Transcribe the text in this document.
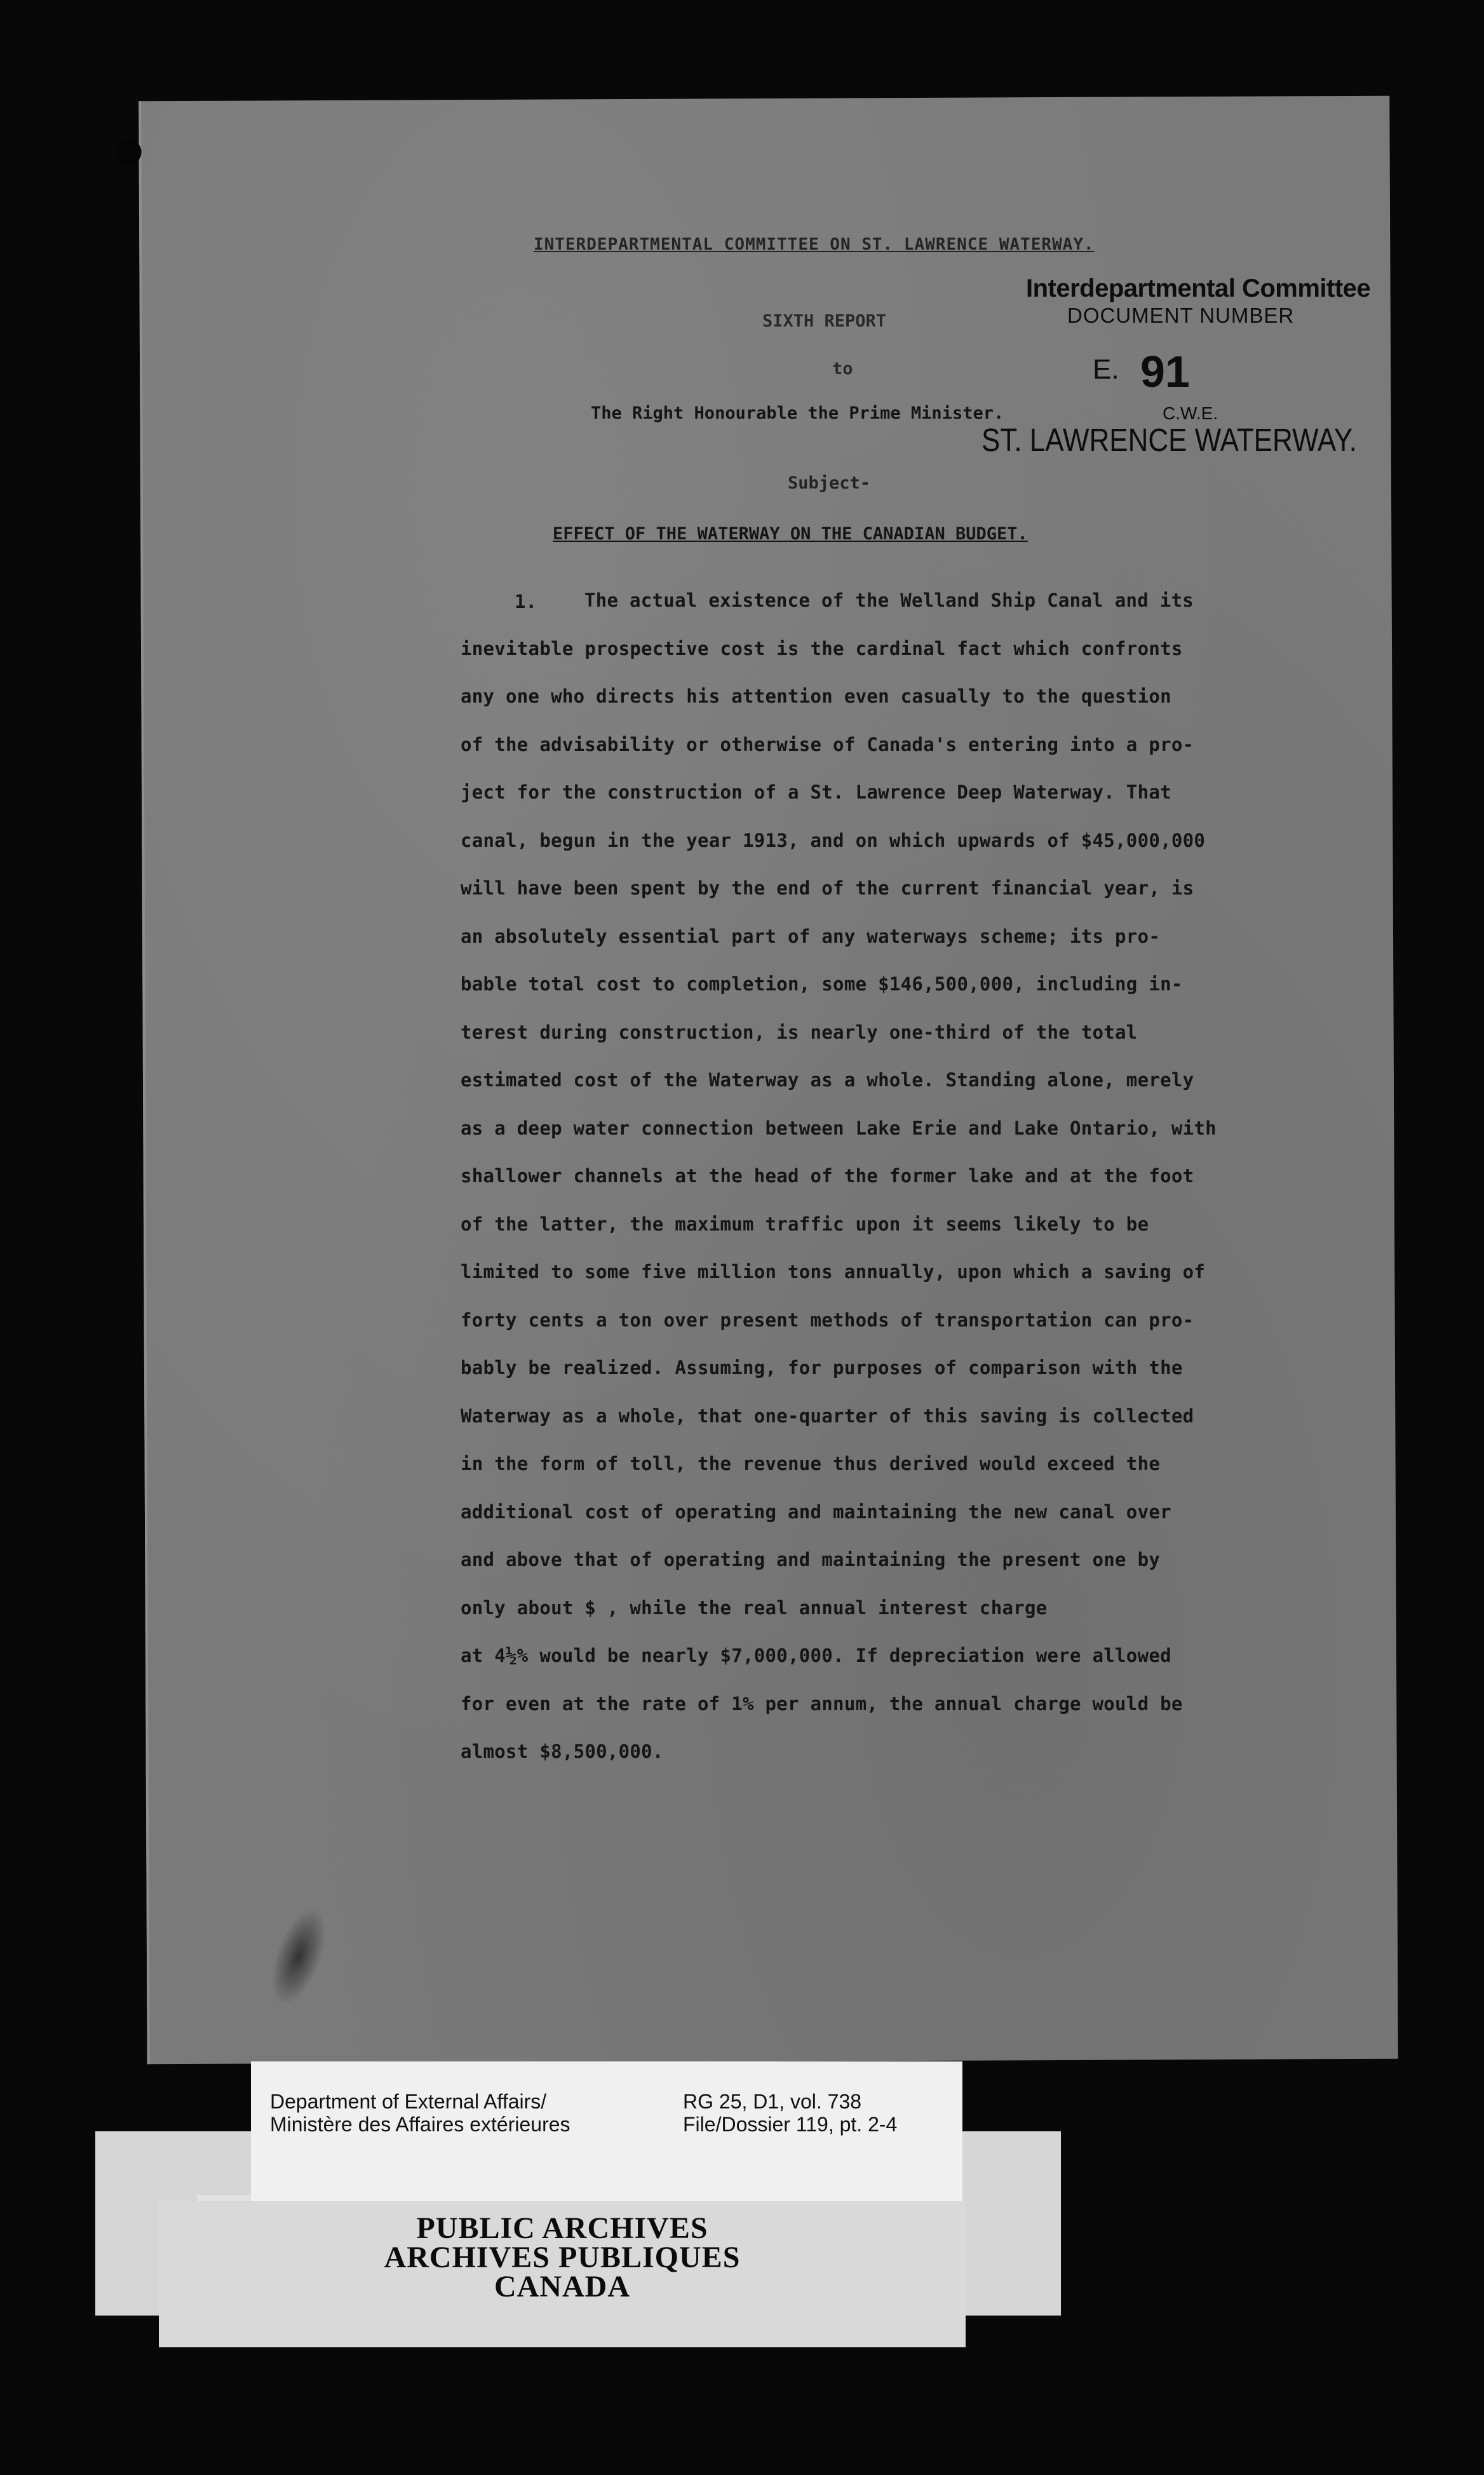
INTERDEPARTMENTAL COMMITTEE ON ST. LAWRENCE WATERWAY.
SIXTH REPORT
to
The Right Honourable the Prime Minister.
Subject-
EFFECT OF THE WATERWAY ON THE CANADIAN BUDGET.
Interdepartmental Committee
DOCUMENT NUMBER
E. 91
C.W.E.
ST. LAWRENCE WATERWAY.
1.	The actual existence of the Welland Ship Canal and its
inevitable prospective cost is the cardinal fact which confronts
any one who directs his attention even casually to the question
of the advisability or otherwise of Canada's entering into a pro-
ject for the construction of a St. Lawrence Deep Waterway. That
canal, begun in the year 1913, and on which upwards of $45,000,000
will have been spent by the end of the current financial year, is
an absolutely essential part of any waterways scheme; its pro-
bable total cost to completion, some $146,500,000, including in-
terest during construction, is nearly one-third of the total
estimated cost of the Waterway as a whole. Standing alone, merely
as a deep water connection between Lake Erie and Lake Ontario, with
shallower channels at the head of the former lake and at the foot
of the latter, the maximum traffic upon it seems likely to be
limited to some five million tons annually, upon which a saving of
forty cents a ton over present methods of transportation can pro-
bably be realized. Assuming, for purposes of comparison with the
Waterway as a whole, that one-quarter of this saving is collected
in the form of toll, the revenue thus derived would exceed the
additional cost of operating and maintaining the new canal over
and above that of operating and maintaining the present one by
only about $ , while the real annual interest charge
at 4½% would be nearly $7,000,000. If depreciation were allowed
for even at the rate of 1% per annum, the annual charge would be
almost $8,500,000.
Department of External Affairs/
Ministère des Affaires extérieures
RG 25, D1, vol. 738
File/Dossier 119, pt. 2-4
PUBLIC ARCHIVES
ARCHIVES PUBLIQUES
CANADA
